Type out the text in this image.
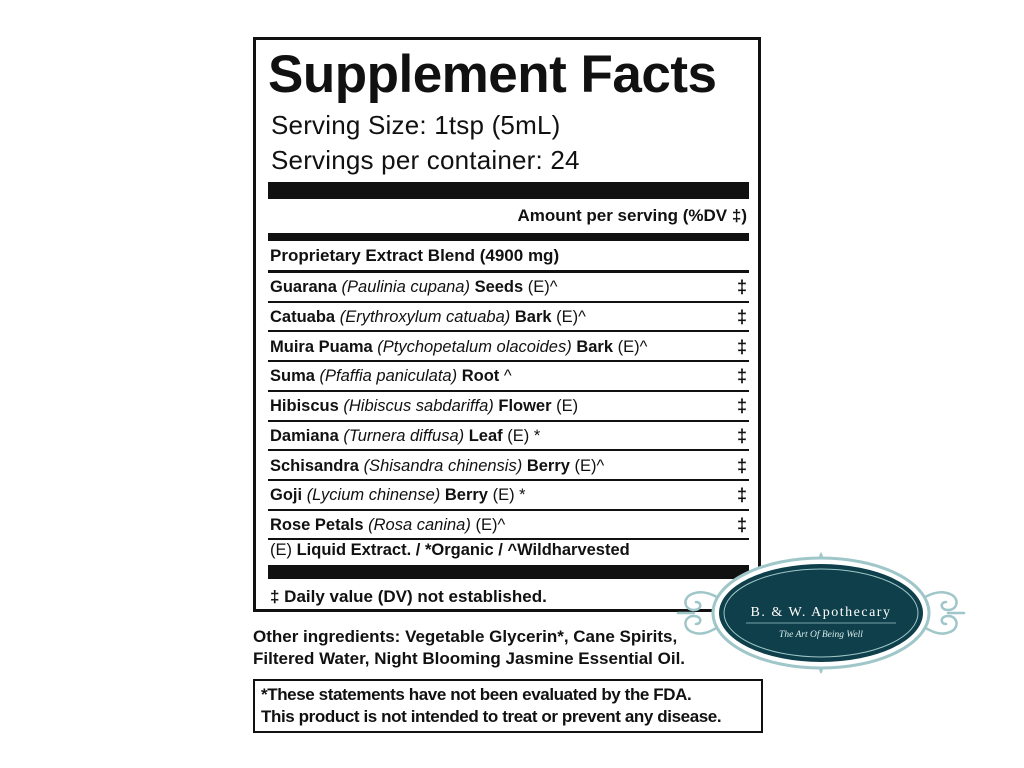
Supplement Facts
Serving Size: 1tsp (5mL)
Servings per container: 24
Amount per serving (%DV ‡)
Proprietary Extract Blend (4900 mg)
Guarana (Paulinia cupana) Seeds (E)^	‡
Catuaba (Erythroxylum catuaba) Bark (E)^	‡
Muira Puama (Ptychopetalum olacoides) Bark (E)^	‡
Suma (Pfaffia paniculata) Root ^	‡
Hibiscus (Hibiscus sabdariffa) Flower (E)	‡
Damiana (Turnera diffusa) Leaf (E) *	‡
Schisandra (Shisandra chinensis) Berry (E)^	‡
Goji (Lycium chinense) Berry (E) *	‡
Rose Petals (Rosa canina) (E)^	‡
(E) Liquid Extract. / *Organic / ^Wildharvested
‡ Daily value (DV) not established.
Other ingredients: Vegetable Glycerin*, Cane Spirits,
Filtered Water, Night Blooming Jasmine Essential Oil.
*These statements have not been evaluated by the FDA.
This product is not intended to treat or prevent any disease.
B. & W. Apothecary
The Art Of Being Well
